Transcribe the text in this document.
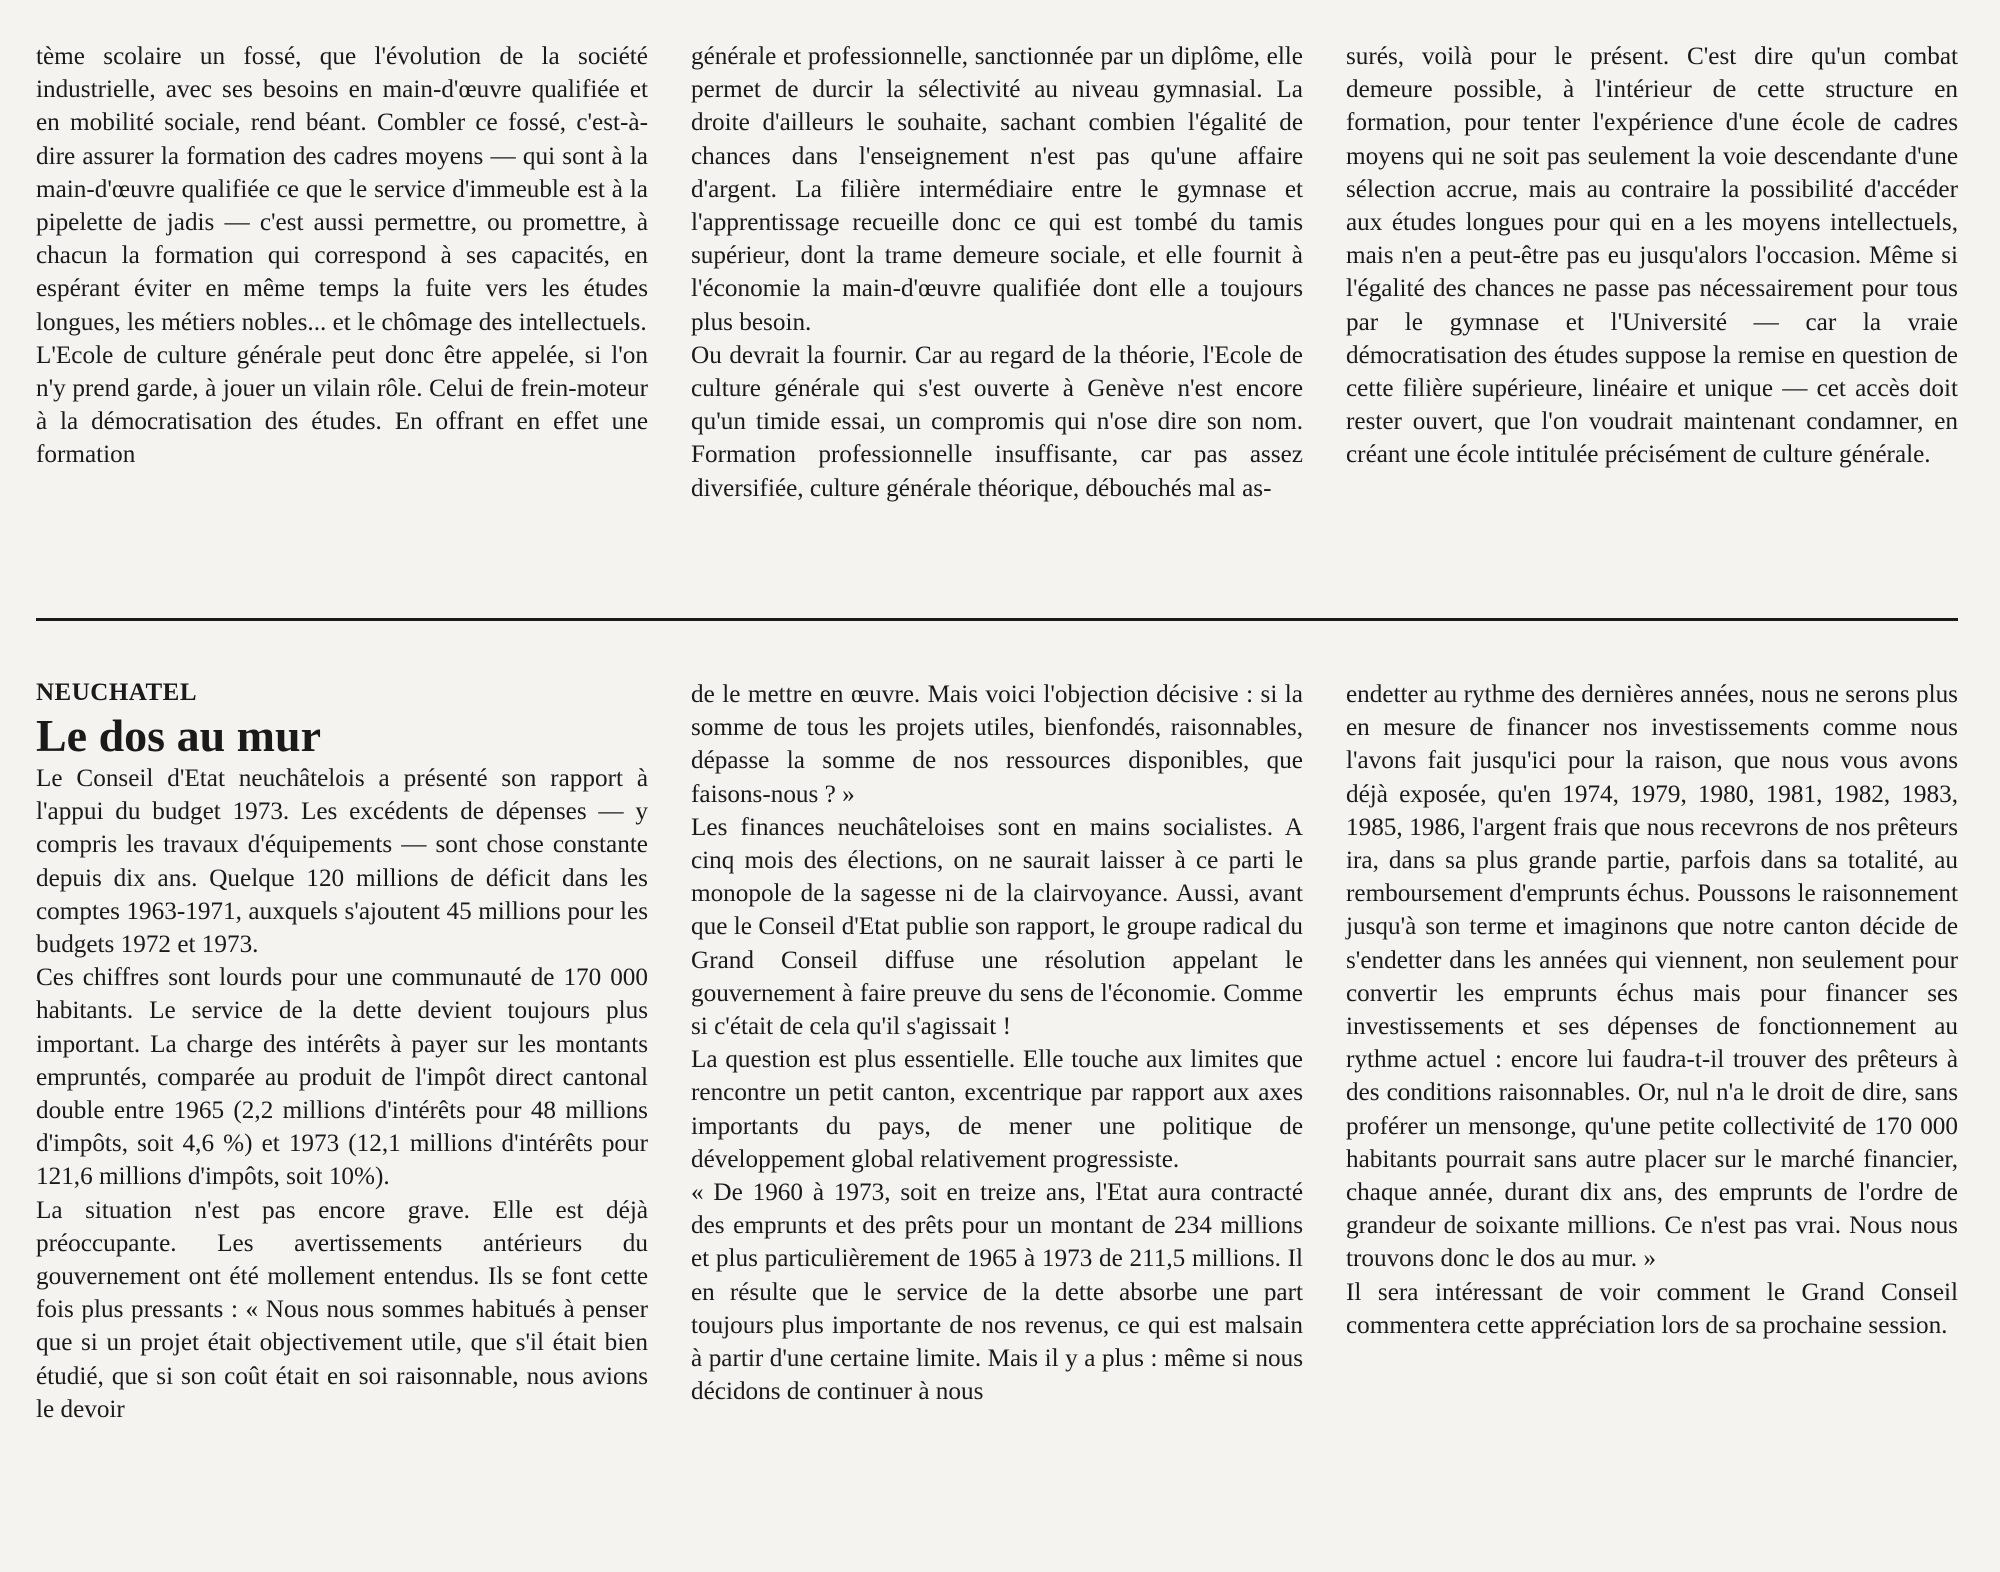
tème scolaire un fossé, que l'évolution de la société industrielle, avec ses besoins en main-d'œuvre qualifiée et en mobilité sociale, rend béant. Combler ce fossé, c'est-à-dire assurer la formation des cadres moyens — qui sont à la main-d'œuvre qualifiée ce que le service d'immeuble est à la pipelette de jadis — c'est aussi permettre, ou promettre, à chacun la formation qui correspond à ses capacités, en espérant éviter en même temps la fuite vers les études longues, les métiers nobles... et le chômage des intellectuels.

L'Ecole de culture générale peut donc être appelée, si l'on n'y prend garde, à jouer un vilain rôle. Celui de frein-moteur à la démocratisation des études. En offrant en effet une formation

générale et professionnelle, sanctionnée par un diplôme, elle permet de durcir la sélectivité au niveau gymnasial. La droite d'ailleurs le souhaite, sachant combien l'égalité de chances dans l'enseignement n'est pas qu'une affaire d'argent. La filière intermédiaire entre le gymnase et l'apprentissage recueille donc ce qui est tombé du tamis supérieur, dont la trame demeure sociale, et elle fournit à l'économie la main-d'œuvre qualifiée dont elle a toujours plus besoin.

Ou devrait la fournir. Car au regard de la théorie, l'Ecole de culture générale qui s'est ouverte à Genève n'est encore qu'un timide essai, un compromis qui n'ose dire son nom. Formation professionnelle insuffisante, car pas assez diversifiée, culture générale théorique, débouchés mal as-

surés, voilà pour le présent. C'est dire qu'un combat demeure possible, à l'intérieur de cette structure en formation, pour tenter l'expérience d'une école de cadres moyens qui ne soit pas seulement la voie descendante d'une sélection accrue, mais au contraire la possibilité d'accéder aux études longues pour qui en a les moyens intellectuels, mais n'en a peut-être pas eu jusqu'alors l'occasion. Même si l'égalité des chances ne passe pas nécessairement pour tous par le gymnase et l'Université — car la vraie démocratisation des études suppose la remise en question de cette filière supérieure, linéaire et unique — cet accès doit rester ouvert, que l'on voudrait maintenant condamner, en créant une école intitulée précisément de culture générale.

NEUCHATEL
Le dos au mur

Le Conseil d'Etat neuchâtelois a présenté son rapport à l'appui du budget 1973. Les excédents de dépenses — y compris les travaux d'équipements — sont chose constante depuis dix ans. Quelque 120 millions de déficit dans les comptes 1963-1971, auxquels s'ajoutent 45 millions pour les budgets 1972 et 1973.

Ces chiffres sont lourds pour une communauté de 170 000 habitants. Le service de la dette devient toujours plus important. La charge des intérêts à payer sur les montants empruntés, comparée au produit de l'impôt direct cantonal double entre 1965 (2,2 millions d'intérêts pour 48 millions d'impôts, soit 4,6 %) et 1973 (12,1 millions d'intérêts pour 121,6 millions d'impôts, soit 10%).

La situation n'est pas encore grave. Elle est déjà préoccupante. Les avertissements antérieurs du gouvernement ont été mollement entendus. Ils se font cette fois plus pressants : « Nous nous sommes habitués à penser que si un projet était objectivement utile, que s'il était bien étudié, que si son coût était en soi raisonnable, nous avions le devoir

de le mettre en œuvre. Mais voici l'objection décisive : si la somme de tous les projets utiles, bienfondés, raisonnables, dépasse la somme de nos ressources disponibles, que faisons-nous ? »

Les finances neuchâteloises sont en mains socialistes. A cinq mois des élections, on ne saurait laisser à ce parti le monopole de la sagesse ni de la clairvoyance. Aussi, avant que le Conseil d'Etat publie son rapport, le groupe radical du Grand Conseil diffuse une résolution appelant le gouvernement à faire preuve du sens de l'économie. Comme si c'était de cela qu'il s'agissait !

La question est plus essentielle. Elle touche aux limites que rencontre un petit canton, excentrique par rapport aux axes importants du pays, de mener une politique de développement global relativement progressiste.

« De 1960 à 1973, soit en treize ans, l'Etat aura contracté des emprunts et des prêts pour un montant de 234 millions et plus particulièrement de 1965 à 1973 de 211,5 millions. Il en résulte que le service de la dette absorbe une part toujours plus importante de nos revenus, ce qui est malsain à partir d'une certaine limite. Mais il y a plus : même si nous décidons de continuer à nous

endetter au rythme des dernières années, nous ne serons plus en mesure de financer nos investissements comme nous l'avons fait jusqu'ici pour la raison, que nous vous avons déjà exposée, qu'en 1974, 1979, 1980, 1981, 1982, 1983, 1985, 1986, l'argent frais que nous recevrons de nos prêteurs ira, dans sa plus grande partie, parfois dans sa totalité, au remboursement d'emprunts échus. Poussons le raisonnement jusqu'à son terme et imaginons que notre canton décide de s'endetter dans les années qui viennent, non seulement pour convertir les emprunts échus mais pour financer ses investissements et ses dépenses de fonctionnement au rythme actuel : encore lui faudra-t-il trouver des prêteurs à des conditions raisonnables. Or, nul n'a le droit de dire, sans proférer un mensonge, qu'une petite collectivité de 170 000 habitants pourrait sans autre placer sur le marché financier, chaque année, durant dix ans, des emprunts de l'ordre de grandeur de soixante millions. Ce n'est pas vrai. Nous nous trouvons donc le dos au mur. »

Il sera intéressant de voir comment le Grand Conseil commentera cette appréciation lors de sa prochaine session.
